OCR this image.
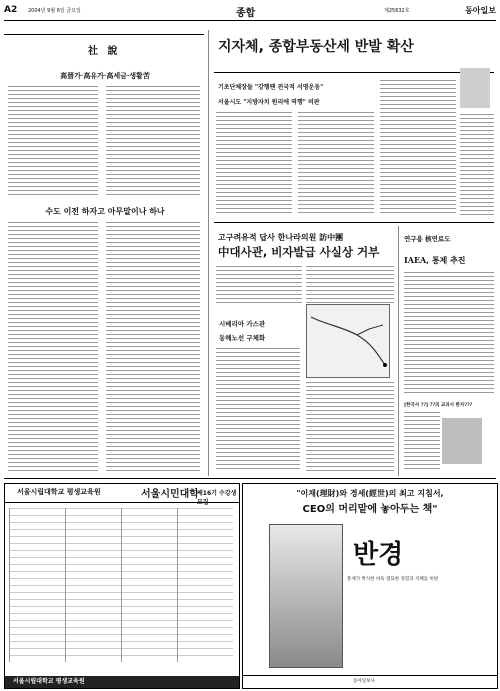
A2 2004년 9월 6일 금요일	종합	제25632호	동아일보
社 說
高晉가·高유가·高세금·생활苦
수도 이전 하자고 아무말이나 하나
지자체, 종합부동산세 반발 확산
기초단체장들 "강행땐 전국적 서명운동"
서울시도 "지방자치 원리에 역행" 비판
고구려유적 답사 한나라의원 訪中團
中대사관, 비자발급 사실상 거부
연구용 核연료도
IAEA, 통제 추진
시베리아 가스관
동해노선 구체화
[한국사 ??] ??의 교과서 한자???
서울시립대학교 평생교육원	서울시민대학
제16기 수강생 모집
서울시립대학교 평생교육원
"이재(理財)와 경세(經世)의 최고 지침서,
CEO의 머리맡에 놓아두는 책"
반경
통제가 박식한 바둑 절묘한 경험과 지혜를 비판
동아일보사
